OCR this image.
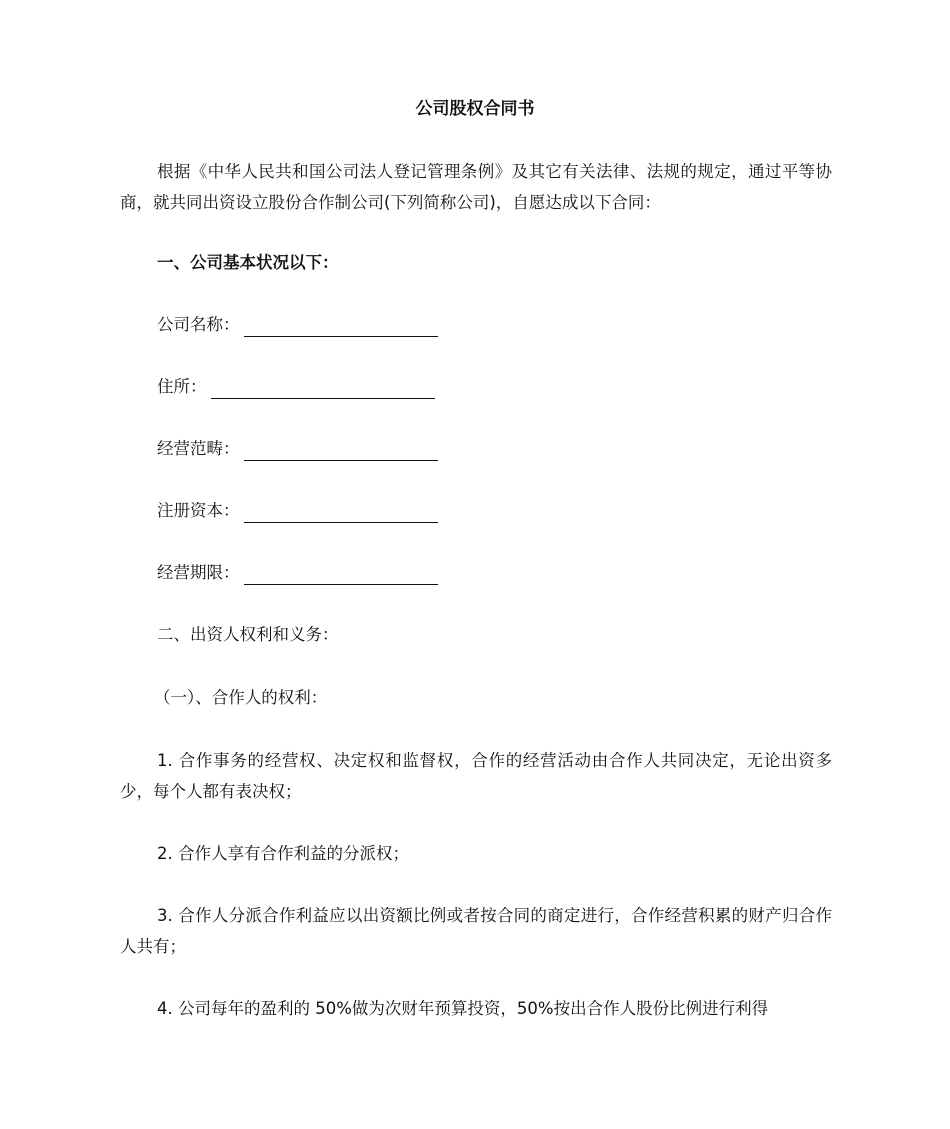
公司股权合同书
根据《中华人民共和国公司法人登记管理条例》及其它有关法律、法规的规定，通过平等协商，就共同出资设立股份合作制公司(下列简称公司)，自愿达成以下合同：
一、公司基本状况以下：
公司名称：
住所：
经营范畴：
注册资本：
经营期限：
二、出资人权利和义务：
（一）、合作人的权利：
1. 合作事务的经营权、决定权和监督权，合作的经营活动由合作人共同决定，无论出资多少，每个人都有表决权；
2. 合作人享有合作利益的分派权；
3. 合作人分派合作利益应以出资额比例或者按合同的商定进行，合作经营积累的财产归合作人共有；
4. 公司每年的盈利的 50%做为次财年预算投资，50%按出合作人股份比例进行利得
